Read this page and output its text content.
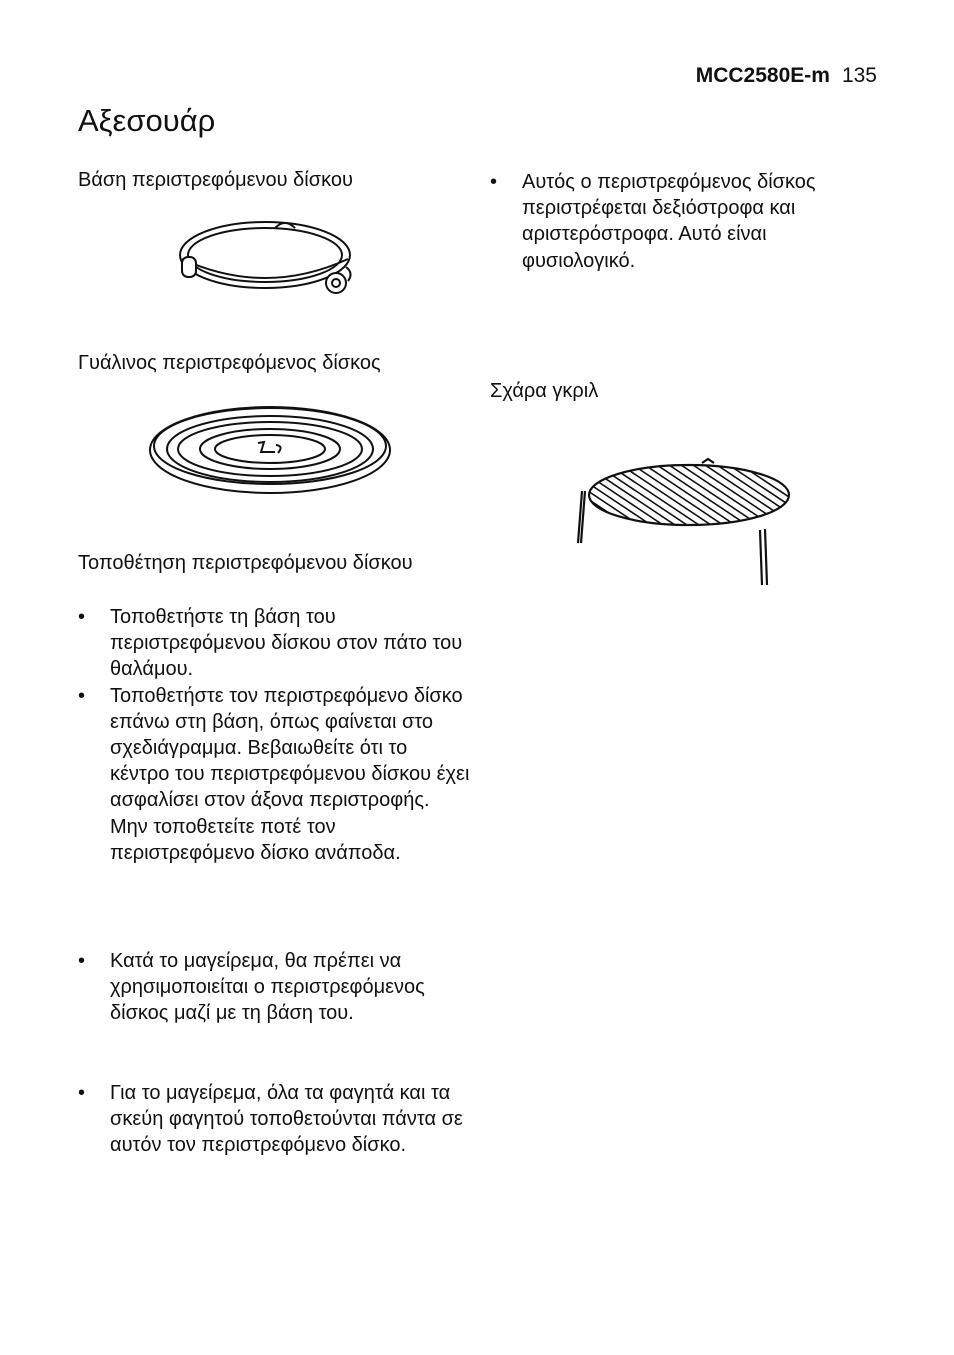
MCC2580E-m 135
Αξεσουάρ
Βάση περιστρεφόμενου δίσκου
Γυάλινος περιστρεφόμενος δίσκος
Τοποθέτηση περιστρεφόμενου δίσκου
• Τοποθετήστε τη βάση του περιστρεφόμενου δίσκου στον πάτο του θαλάμου.
• Τοποθετήστε τον περιστρεφόμενο δίσκο επάνω στη βάση, όπως φαίνεται στο σχεδιάγραμμα. Βεβαιωθείτε ότι το κέντρο του περιστρεφόμενου δίσκου έχει ασφαλίσει στον άξονα περιστροφής. Μην τοποθετείτε ποτέ τον περιστρεφόμενο δίσκο ανάποδα.
• Κατά το μαγείρεμα, θα πρέπει να χρησιμοποιείται ο περιστρεφόμενος δίσκος μαζί με τη βάση του.
• Για το μαγείρεμα, όλα τα φαγητά και τα σκεύη φαγητού τοποθετούνται πάντα σε αυτόν τον περιστρεφόμενο δίσκο.
• Αυτός ο περιστρεφόμενος δίσκος περιστρέφεται δεξιόστροφα και αριστερόστροφα. Αυτό είναι φυσιολογικό.
Σχάρα γκριλ
